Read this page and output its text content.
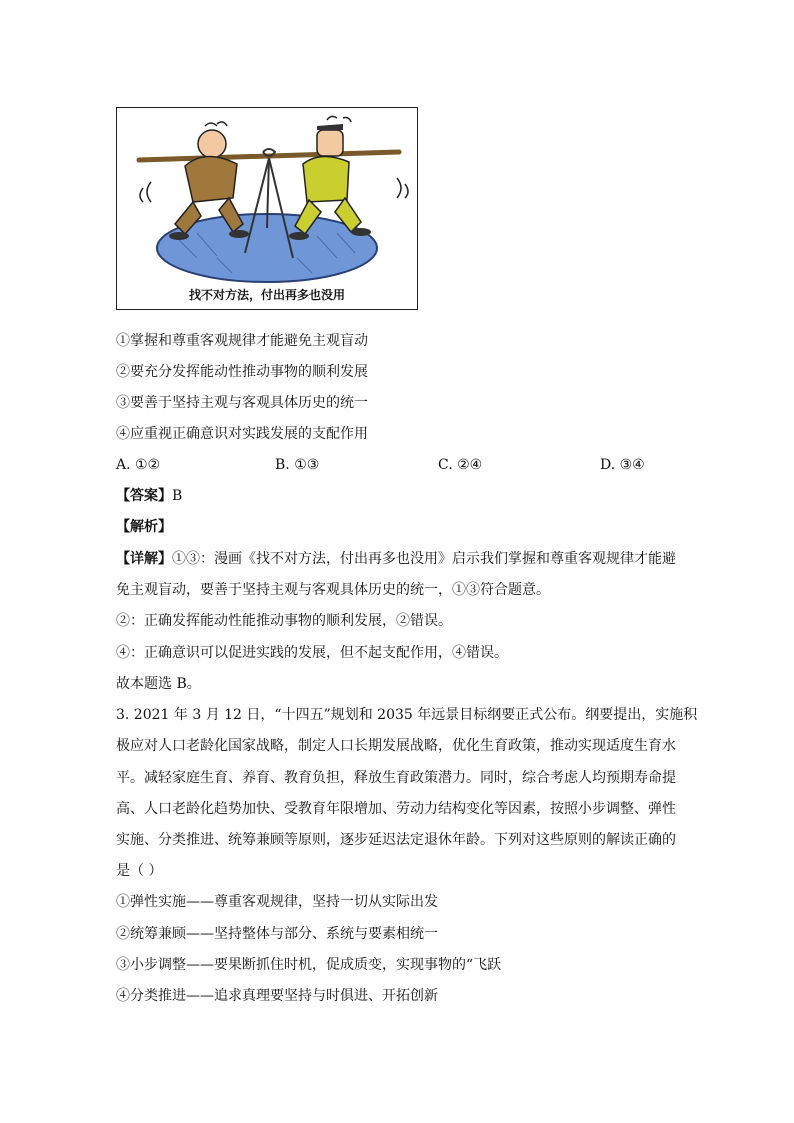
找不对方法，付出再多也没用
①掌握和尊重客观规律才能避免主观盲动
②要充分发挥能动性推动事物的顺利发展
③要善于坚持主观与客观具体历史的统一
④应重视正确意识对实践发展的支配作用
A. ①②	B. ①③	C. ②④	D. ③④
【答案】B
【解析】
【详解】①③：漫画《找不对方法，付出再多也没用》启示我们掌握和尊重客观规律才能避
免主观盲动，要善于坚持主观与客观具体历史的统一，①③符合题意。
②：正确发挥能动性能推动事物的顺利发展，②错误。
④：正确意识可以促进实践的发展，但不起支配作用，④错误。
故本题选 B。
3. 2021 年 3 月 12 日，“十四五”规划和 2035 年远景目标纲要正式公布。纲要提出，实施积
极应对人口老龄化国家战略，制定人口长期发展战略，优化生育政策，推动实现适度生育水
平。减轻家庭生育、养育、教育负担，释放生育政策潜力。同时，综合考虑人均预期寿命提
高、人口老龄化趋势加快、受教育年限增加、劳动力结构变化等因素，按照小步调整、弹性
实施、分类推进、统筹兼顾等原则，逐步延迟法定退休年龄。下列对这些原则的解读正确的
是（ ）
①弹性实施——尊重客观规律，坚持一切从实际出发
②统筹兼顾——坚持整体与部分、系统与要素相统一
③小步调整——要果断抓住时机，促成质变，实现事物的“飞跃
④分类推进——追求真理要坚持与时俱进、开拓创新
